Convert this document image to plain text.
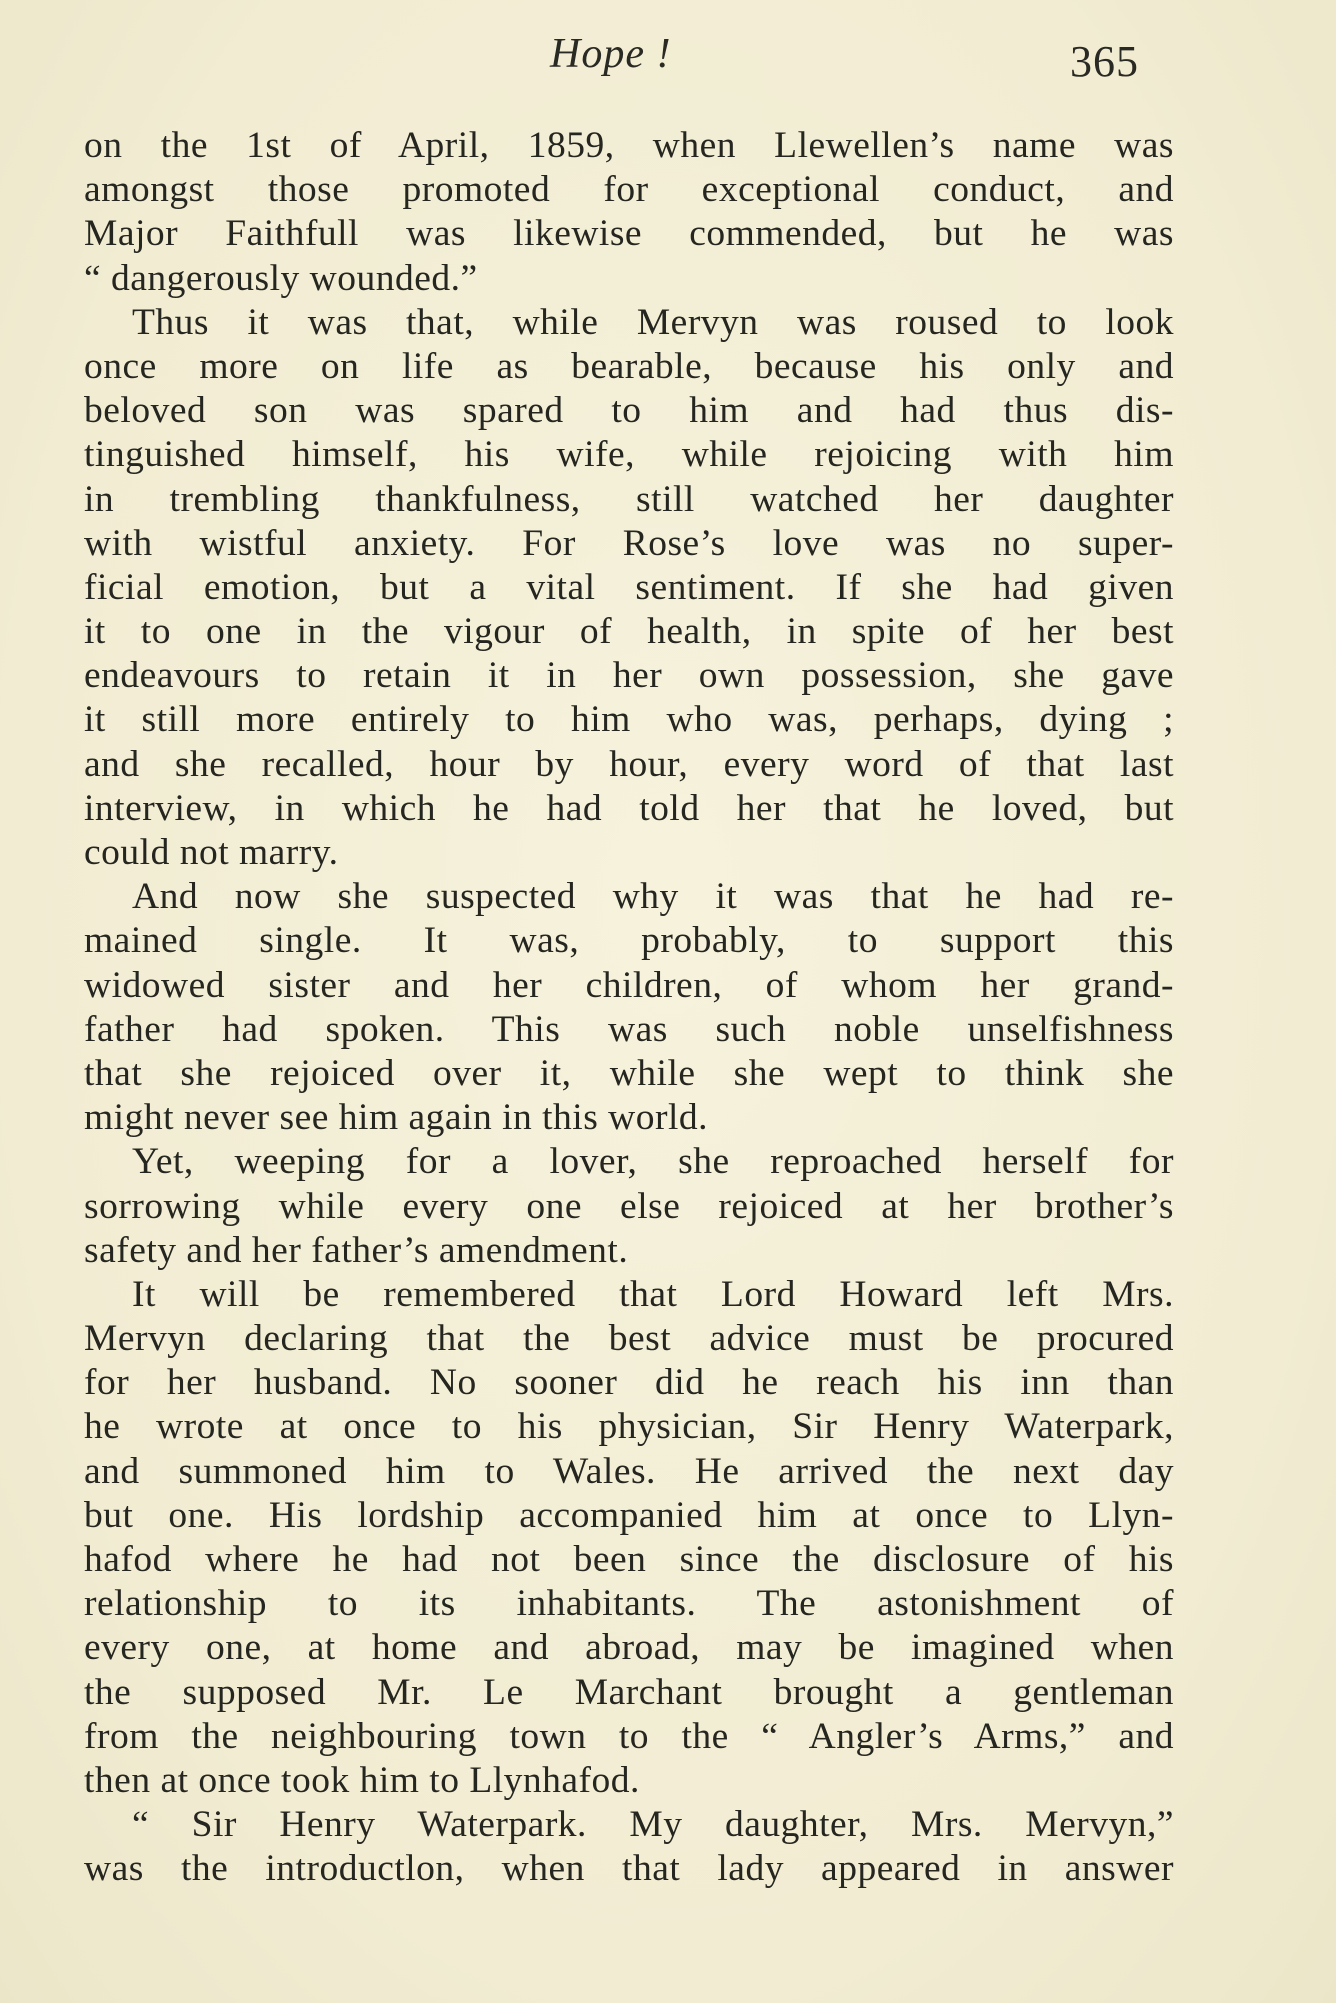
Hope !	365
on the 1st of April, 1859, when Llewellen’s name was
amongst those promoted for exceptional conduct, and
Major Faithfull was likewise commended, but he was
“ dangerously wounded.”
Thus it was that, while Mervyn was roused to look
once more on life as bearable, because his only and
beloved son was spared to him and had thus dis-
tinguished himself, his wife, while rejoicing with him
in trembling thankfulness, still watched her daughter
with wistful anxiety. For Rose’s love was no super-
ficial emotion, but a vital sentiment. If she had given
it to one in the vigour of health, in spite of her best
endeavours to retain it in her own possession, she gave
it still more entirely to him who was, perhaps, dying ;
and she recalled, hour by hour, every word of that last
interview, in which he had told her that he loved, but
could not marry.
And now she suspected why it was that he had re-
mained single. It was, probably, to support this
widowed sister and her children, of whom her grand-
father had spoken. This was such noble unselfishness
that she rejoiced over it, while she wept to think she
might never see him again in this world.
Yet, weeping for a lover, she reproached herself for
sorrowing while every one else rejoiced at her brother’s
safety and her father’s amendment.
It will be remembered that Lord Howard left Mrs.
Mervyn declaring that the best advice must be procured
for her husband. No sooner did he reach his inn than
he wrote at once to his physician, Sir Henry Waterpark,
and summoned him to Wales. He arrived the next day
but one. His lordship accompanied him at once to Llyn-
hafod where he had not been since the disclosure of his
relationship to its inhabitants. The astonishment of
every one, at home and abroad, may be imagined when
the supposed Mr. Le Marchant brought a gentleman
from the neighbouring town to the “ Angler’s Arms,” and
then at once took him to Llynhafod.
“ Sir Henry Waterpark. My daughter, Mrs. Mervyn,”
was the introductlon, when that lady appeared in answer
